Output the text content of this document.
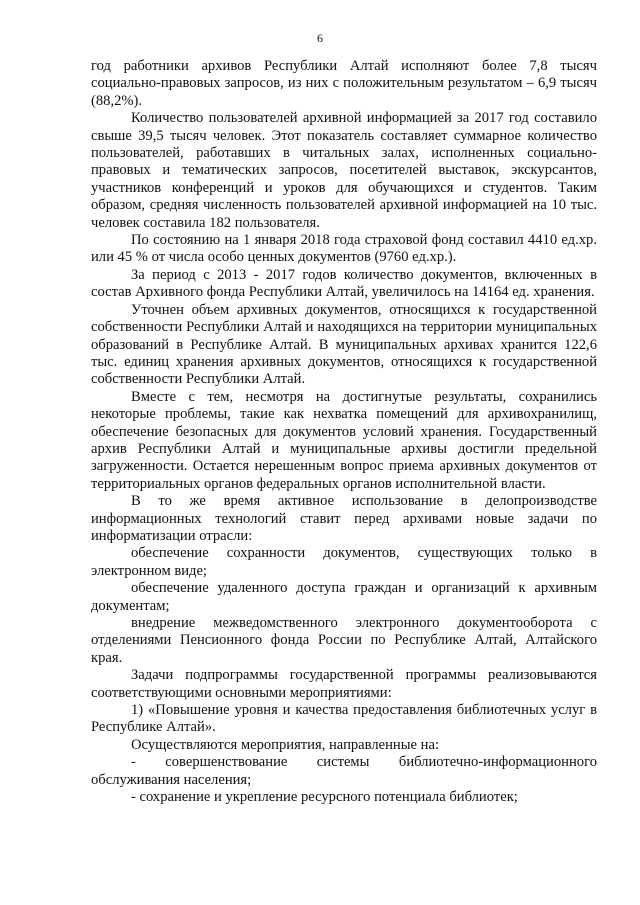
6

год работники архивов Республики Алтай исполняют более 7,8 тысяч социально-правовых запросов, из них с положительным результатом – 6,9 тысяч (88,2%).

Количество пользователей архивной информацией за 2017 год составило свыше 39,5 тысяч человек. Этот показатель составляет суммарное количество пользователей, работавших в читальных залах, исполненных социально-правовых и тематических запросов, посетителей выставок, экскурсантов, участников конференций и уроков для обучающихся и студентов. Таким образом, средняя численность пользователей архивной информацией на 10 тыс. человек составила 182 пользователя.

По состоянию на 1 января 2018 года страховой фонд составил 4410 ед.хр. или 45 % от числа особо ценных документов (9760 ед.хр.).

За период с 2013 - 2017 годов количество документов, включенных в состав Архивного фонда Республики Алтай, увеличилось на 14164 ед. хранения.

Уточнен объем архивных документов, относящихся к государственной собственности Республики Алтай и находящихся на территории муниципальных образований в Республике Алтай. В муниципальных архивах хранится 122,6 тыс. единиц хранения архивных документов, относящихся к государственной собственности Республики Алтай.

Вместе с тем, несмотря на достигнутые результаты, сохранились некоторые проблемы, такие как нехватка помещений для архивохранилищ, обеспечение безопасных для документов условий хранения. Государственный архив Республики Алтай и муниципальные архивы достигли предельной загруженности. Остается нерешенным вопрос приема архивных документов от территориальных органов федеральных органов исполнительной власти.

В то же время активное использование в делопроизводстве информационных технологий ставит перед архивами новые задачи по информатизации отрасли:

обеспечение сохранности документов, существующих только в электронном виде;

обеспечение удаленного доступа граждан и организаций к архивным документам;

внедрение межведомственного электронного документооборота с отделениями Пенсионного фонда России по Республике Алтай, Алтайского края.

Задачи подпрограммы государственной программы реализовываются соответствующими основными мероприятиями:

1) «Повышение уровня и качества предоставления библиотечных услуг в Республике Алтай».

Осуществляются мероприятия, направленные на:

- совершенствование системы библиотечно-информационного обслуживания населения;

- сохранение и укрепление ресурсного потенциала библиотек;
